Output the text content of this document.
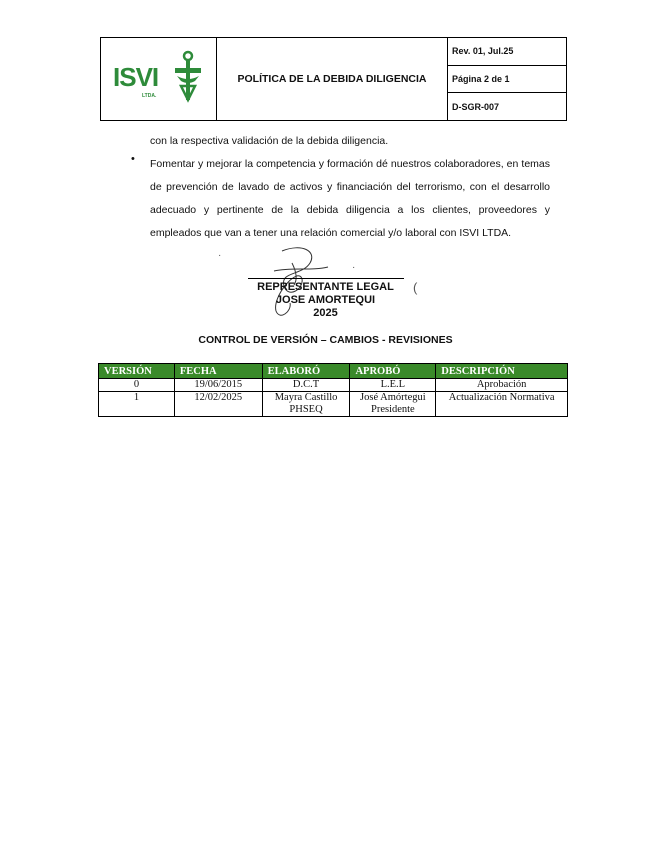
ISVI
LTDA.
POLÍTICA DE LA DEBIDA DILIGENCIA
Rev. 01, Jul.25
Página 2 de 1
D-SGR-007
con la respectiva validación de la debida diligencia.
• Fomentar y mejorar la competencia y formación dé nuestros colaboradores, en temas de prevención de lavado de activos y financiación del terrorismo, con el desarrollo adecuado y pertinente de la debida diligencia a los clientes, proveedores y empleados que van a tener una relación comercial y/o laboral con ISVI LTDA.
·
·
(
REPRESENTANTE LEGAL
JOSE AMORTEQUI
2025
CONTROL DE VERSIÓN – CAMBIOS - REVISIONES
VERSIÓN	FECHA	ELABORÓ	APROBÓ	DESCRIPCIÓN
0	19/06/2015	D.C.T	L.E.L	Aprobación
1	12/02/2025	Mayra Castillo PHSEQ	José Amórtegui Presidente	Actualización Normativa
